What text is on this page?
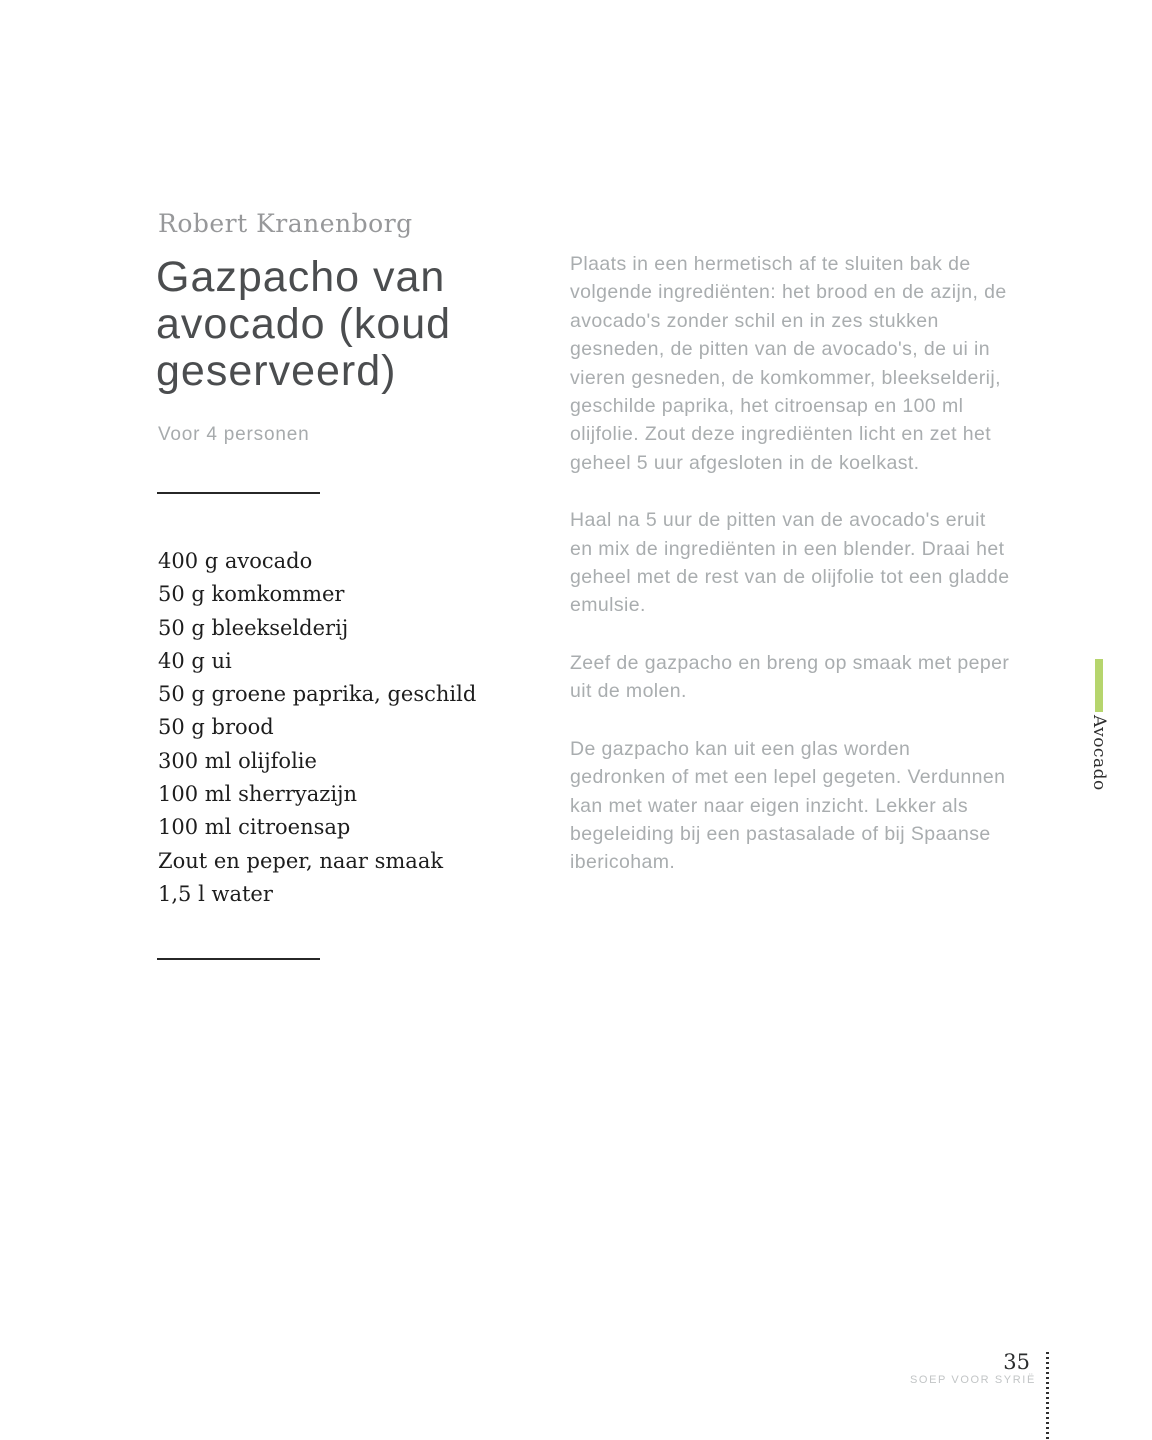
Robert Kranenborg
Gazpacho van avocado (koud geserveerd)
Voor 4 personen
400 g avocado
50 g komkommer
50 g bleekselderij
40 g ui
50 g groene paprika, geschild
50 g brood
300 ml olijfolie
100 ml sherryazijn
100 ml citroensap
Zout en peper, naar smaak
1,5 l water

Plaats in een hermetisch af te sluiten bak de volgende ingrediënten: het brood en de azijn, de avocado's zonder schil en in zes stukken gesneden, de pitten van de avocado's, de ui in vieren gesneden, de komkommer, bleekselderij, geschilde paprika, het citroensap en 100 ml olijfolie. Zout deze ingrediënten licht en zet het geheel 5 uur afgesloten in de koelkast.

Haal na 5 uur de pitten van de avocado's eruit en mix de ingrediënten in een blender. Draai het geheel met de rest van de olijfolie tot een gladde emulsie.

Zeef de gazpacho en breng op smaak met peper uit de molen.

De gazpacho kan uit een glas worden gedronken of met een lepel gegeten. Verdunnen kan met water naar eigen inzicht. Lekker als begeleiding bij een pastasalade of bij Spaanse ibericoham.

Avocado
35
SOEP VOOR SYRIË
